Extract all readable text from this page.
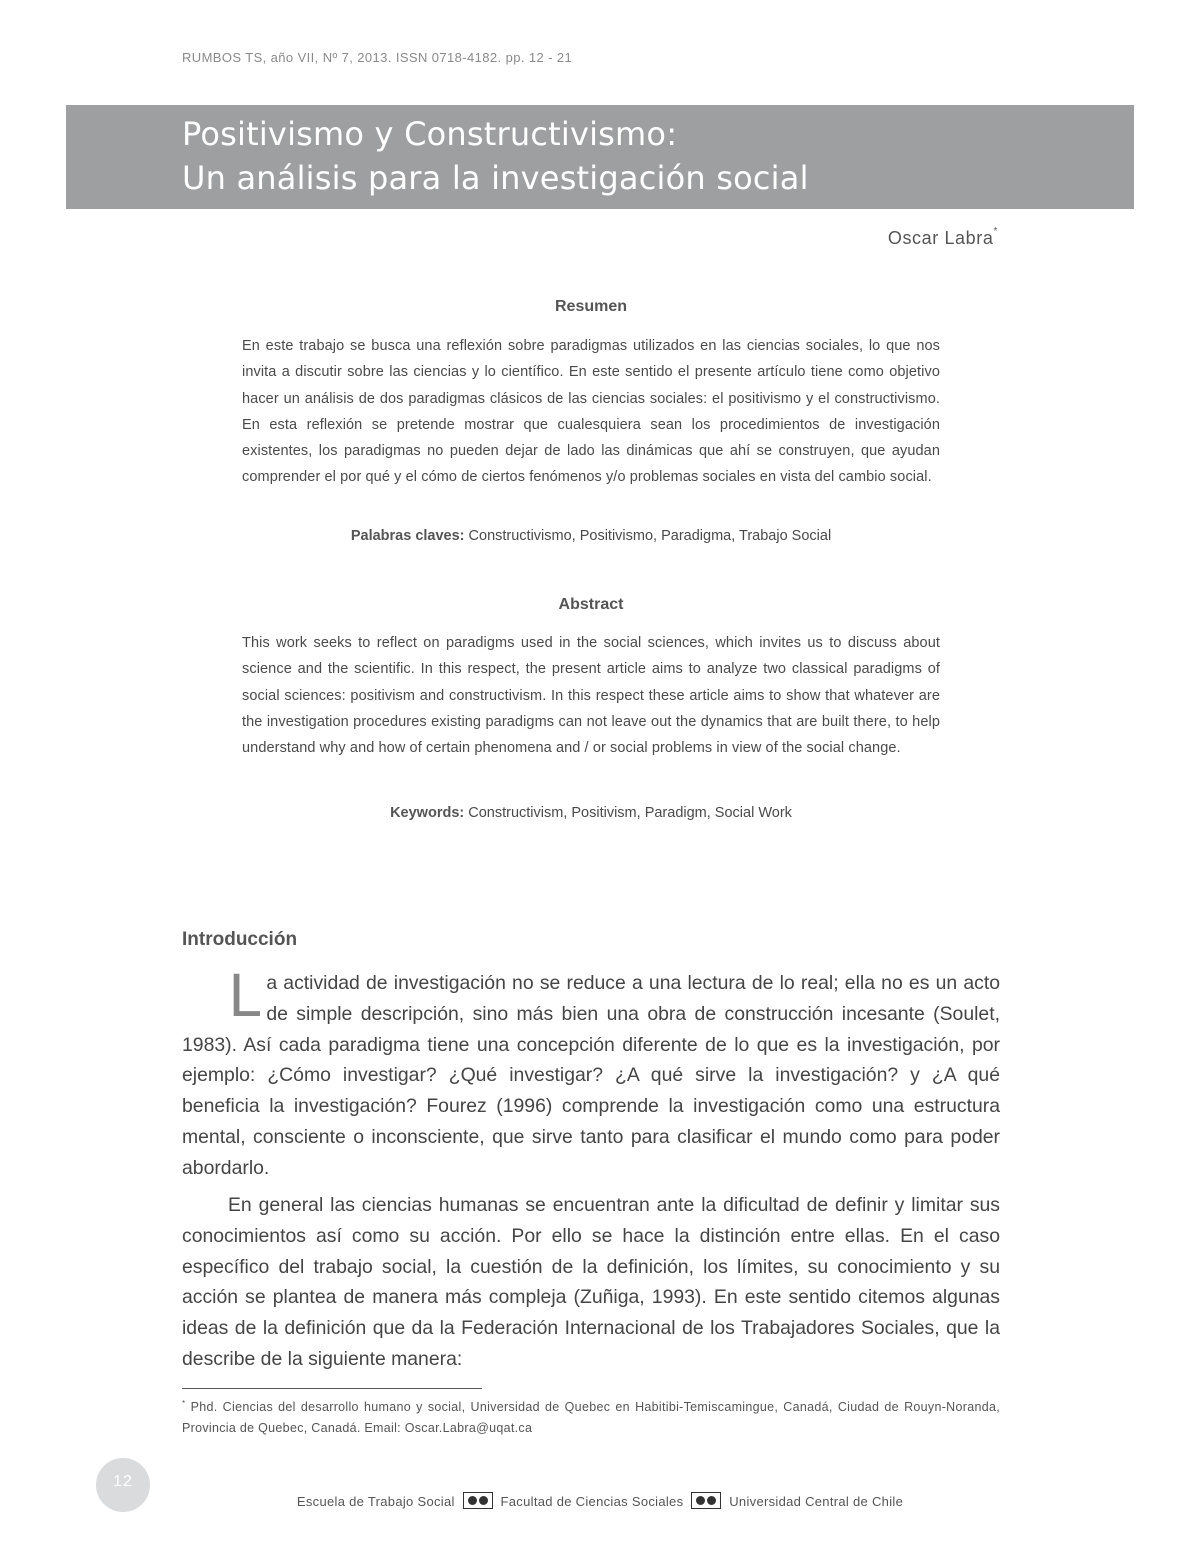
RUMBOS TS, año VII, Nº 7, 2013. ISSN 0718-4182. pp. 12 - 21
Positivismo y Constructivismo:
Un análisis para la investigación social
Oscar Labra*
Resumen
En este trabajo se busca una reflexión sobre paradigmas utilizados en las ciencias sociales, lo que nos invita a discutir sobre las ciencias y lo científico. En este sentido el presente artículo tiene como objetivo hacer un análisis de dos paradigmas clásicos de las ciencias sociales: el positivismo y el constructivismo. En esta reflexión se pretende mostrar que cualesquiera sean los procedimientos de investigación existentes, los paradigmas no pueden dejar de lado las dinámicas que ahí se construyen, que ayudan comprender el por qué y el cómo de ciertos fenómenos y/o problemas sociales en vista del cambio social.
Palabras claves: Constructivismo, Positivismo, Paradigma, Trabajo Social
Abstract
This work seeks to reflect on paradigms used in the social sciences, which invites us to discuss about science and the scientific. In this respect, the present article aims to analyze two classical paradigms of social sciences: positivism and constructivism. In this respect these article aims to show that whatever are the investigation procedures existing paradigms can not leave out the dynamics that are built there, to help understand why and how of certain phenomena and / or social problems in view of the social change.
Keywords: Constructivism, Positivism, Paradigm, Social Work
Introducción
La actividad de investigación no se reduce a una lectura de lo real; ella no es un acto de simple descripción, sino más bien una obra de construcción incesante (Soulet, 1983). Así cada paradigma tiene una concepción diferente de lo que es la investigación, por ejemplo: ¿Cómo investigar? ¿Qué investigar? ¿A qué sirve la investigación? y ¿A qué beneficia la investigación? Fourez (1996) comprende la investigación como una estructura mental, consciente o inconsciente, que sirve tanto para clasificar el mundo como para poder abordarlo.
En general las ciencias humanas se encuentran ante la dificultad de definir y limitar sus conocimientos así como su acción. Por ello se hace la distinción entre ellas. En el caso específico del trabajo social, la cuestión de la definición, los límites, su conocimiento y su acción se plantea de manera más compleja (Zuñiga, 1993). En este sentido citemos algunas ideas de la definición que da la Federación Internacional de los Trabajadores Sociales, que la describe de la siguiente manera:
* Phd. Ciencias del desarrollo humano y social, Universidad de Quebec en Habitibi-Temiscamingue, Canadá, Ciudad de Rouyn-Noranda, Provincia de Quebec, Canadá. Email: Oscar.Labra@uqat.ca
12
Escuela de Trabajo Social	Facultad de Ciencias Sociales	Universidad Central de Chile
